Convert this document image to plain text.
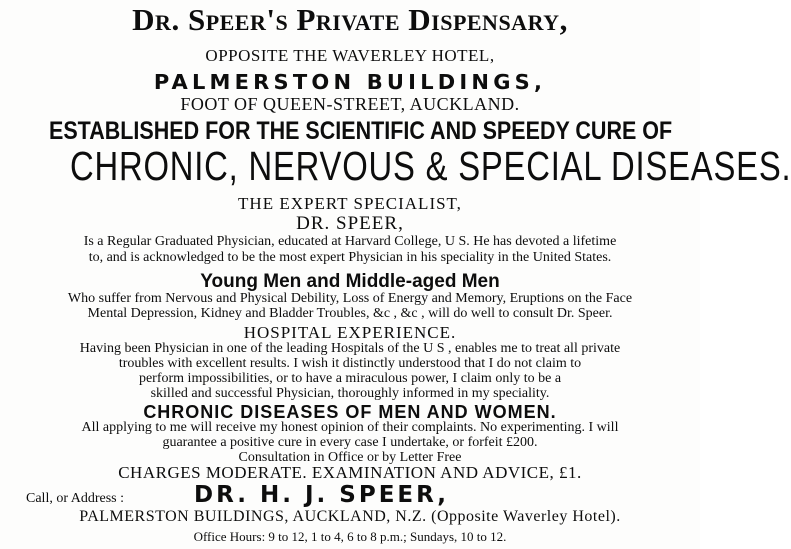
Dr. Speer's Private Dispensary,
OPPOSITE THE WAVERLEY HOTEL,
PALMERSTON BUILDINGS,
FOOT OF QUEEN-STREET, AUCKLAND.
ESTABLISHED FOR THE SCIENTIFIC AND SPEEDY CURE OF
CHRONIC, NERVOUS & SPECIAL DISEASES.
THE EXPERT SPECIALIST,
DR. SPEER,
Is a Regular Graduated Physician, educated at Harvard College, U S. He has devoted a lifetime
to, and is acknowledged to be the most expert Physician in his speciality in the United States.
Young Men and Middle-aged Men
Who suffer from Nervous and Physical Debility, Loss of Energy and Memory, Eruptions on the Face
Mental Depression, Kidney and Bladder Troubles, &c , &c , will do well to consult Dr. Speer.
HOSPITAL EXPERIENCE.
Having been Physician in one of the leading Hospitals of the U S , enables me to treat all private
troubles with excellent results. I wish it distinctly understood that I do not claim to
perform impossibilities, or to have a miraculous power, I claim only to be a
skilled and successful Physician, thoroughly informed in my speciality.
CHRONIC DISEASES OF MEN AND WOMEN.
All applying to me will receive my honest opinion of their complaints. No experimenting. I will
guarantee a positive cure in every case I undertake, or forfeit £200.
Consultation in Office or by Letter Free
CHARGES MODERATE. EXAMINATION AND ADVICE, £1.
Call, or Address :	DR. H. J. SPEER,
PALMERSTON BUILDINGS, AUCKLAND, N.Z. (Opposite Waverley Hotel).
Office Hours: 9 to 12, 1 to 4, 6 to 8 p.m.; Sundays, 10 to 12.
